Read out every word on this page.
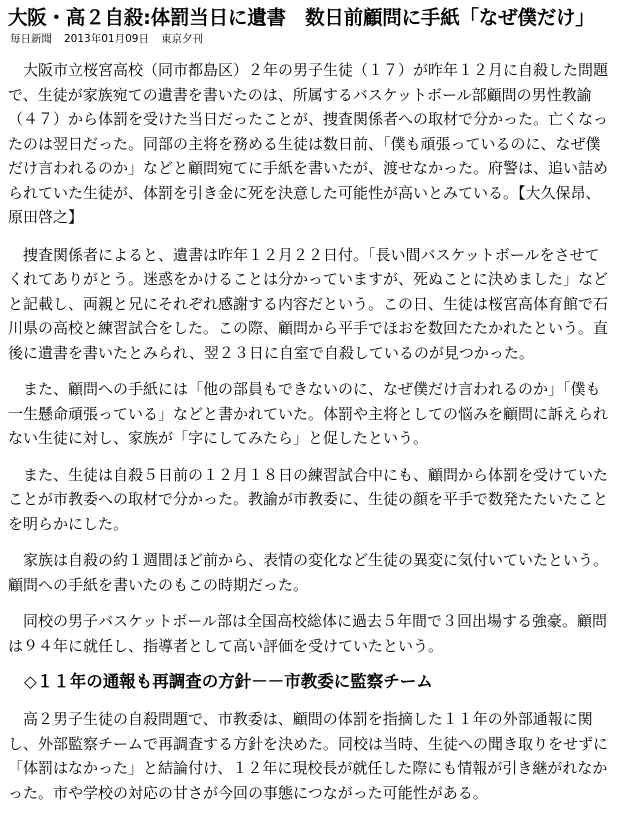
大阪・高２自殺:体罰当日に遺書　数日前顧問に手紙「なぜ僕だけ」
毎日新聞 2013年01月09日 東京夕刊
　大阪市立桜宮高校（同市都島区）２年の男子生徒（１７）が昨年１２月に自殺した問題
で、生徒が家族宛ての遺書を書いたのは、所属するバスケットボール部顧問の男性教諭
（４７）から体罰を受けた当日だったことが、捜査関係者への取材で分かった。亡くなっ
たのは翌日だった。同部の主将を務める生徒は数日前、「僕も頑張っているのに、なぜ僕
だけ言われるのか」などと顧問宛てに手紙を書いたが、渡せなかった。府警は、追い詰め
られていた生徒が、体罰を引き金に死を決意した可能性が高いとみている。【大久保昂、
原田啓之】
　捜査関係者によると、遺書は昨年１２月２２日付。「長い間バスケットボールをさせて
くれてありがとう。迷惑をかけることは分かっていますが、死ぬことに決めました」など
と記載し、両親と兄にそれぞれ感謝する内容だという。この日、生徒は桜宮高体育館で石
川県の高校と練習試合をした。この際、顧問から平手でほおを数回たたかれたという。直
後に遺書を書いたとみられ、翌２３日に自室で自殺しているのが見つかった。
　また、顧問への手紙には「他の部員もできないのに、なぜ僕だけ言われるのか」「僕も
一生懸命頑張っている」などと書かれていた。体罰や主将としての悩みを顧問に訴えられ
ない生徒に対し、家族が「字にしてみたら」と促したという。
　また、生徒は自殺５日前の１２月１８日の練習試合中にも、顧問から体罰を受けていた
ことが市教委への取材で分かった。教諭が市教委に、生徒の顔を平手で数発たたいたこと
を明らかにした。
　家族は自殺の約１週間ほど前から、表情の変化など生徒の異変に気付いていたという。
顧問への手紙を書いたのもこの時期だった。
　同校の男子バスケットボール部は全国高校総体に過去５年間で３回出場する強豪。顧問
は９４年に就任し、指導者として高い評価を受けていたという。
◇１１年の通報も再調査の方針－－市教委に監察チーム
　高２男子生徒の自殺問題で、市教委は、顧問の体罰を指摘した１１年の外部通報に関
し、外部監察チームで再調査する方針を決めた。同校は当時、生徒への聞き取りをせずに
「体罰はなかった」と結論付け、１２年に現校長が就任した際にも情報が引き継がれなか
った。市や学校の対応の甘さが今回の事態につながった可能性がある。
